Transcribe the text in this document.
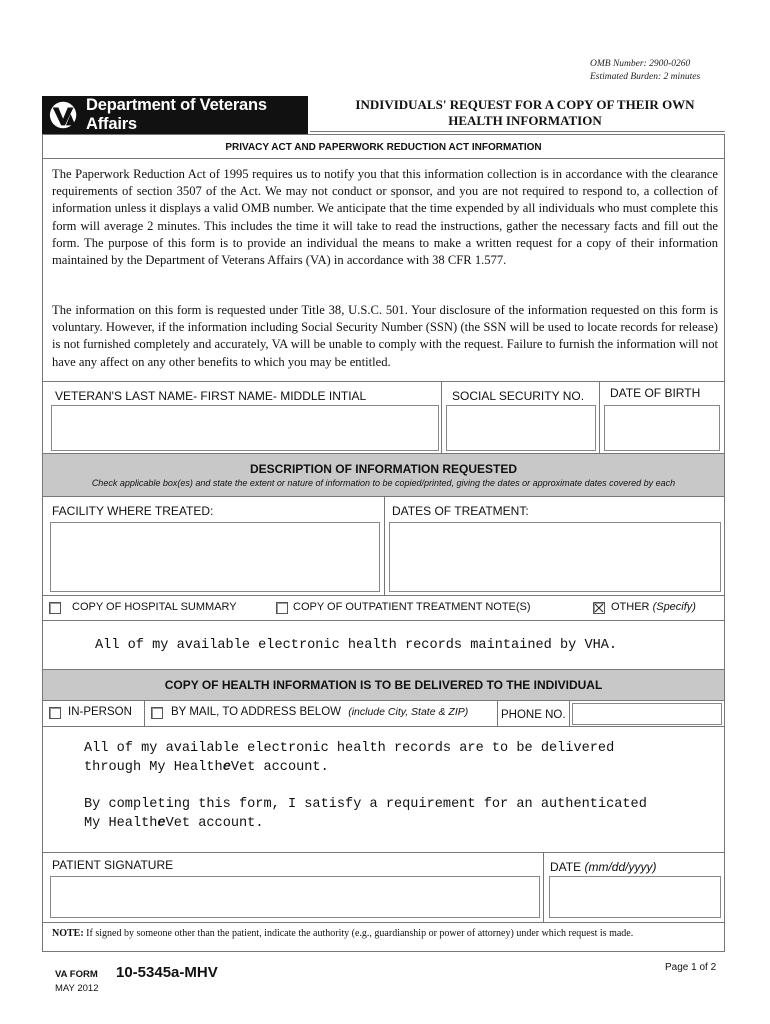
OMB Number: 2900-0260
Estimated Burden: 2 minutes
Department of Veterans Affairs
INDIVIDUALS' REQUEST FOR A COPY OF THEIR OWN
HEALTH INFORMATION
PRIVACY ACT AND PAPERWORK REDUCTION ACT INFORMATION
The Paperwork Reduction Act of 1995 requires us to notify you that this information collection is in accordance with the clearance requirements of section 3507 of the Act. We may not conduct or sponsor, and you are not required to respond to, a collection of information unless it displays a valid OMB number. We anticipate that the time expended by all individuals who must complete this form will average 2 minutes. This includes the time it will take to read the instructions, gather the necessary facts and fill out the form. The purpose of this form is to provide an individual the means to make a written request for a copy of their information maintained by the Department of Veterans Affairs (VA) in accordance with 38 CFR 1.577.
The information on this form is requested under Title 38, U.S.C. 501. Your disclosure of the information requested on this form is voluntary. However, if the information including Social Security Number (SSN) (the SSN will be used to locate records for release) is not furnished completely and accurately, VA will be unable to comply with the request. Failure to furnish the information will not have any affect on any other benefits to which you may be entitled.
VETERAN'S LAST NAME- FIRST NAME- MIDDLE INTIAL	SOCIAL SECURITY NO. DATE OF BIRTH
DESCRIPTION OF INFORMATION REQUESTED
Check applicable box(es) and state the extent or nature of information to be copied/printed, giving the dates or approximate dates covered by each
FACILITY WHERE TREATED:	DATES OF TREATMENT:
COPY OF HOSPITAL SUMMARY	COPY OF OUTPATIENT TREATMENT NOTE(S)	OTHER (Specify)
All of my available electronic health records maintained by VHA.
COPY OF HEALTH INFORMATION IS TO BE DELIVERED TO THE INDIVIDUAL
IN-PERSON	BY MAIL, TO ADDRESS BELOW (include City, State & ZIP)	PHONE NO.
All of my available electronic health records are to be delivered
through My HealtheVet account.
By completing this form, I satisfy a requirement for an authenticated
My HealtheVet account.
PATIENT SIGNATURE	DATE (mm/dd/yyyy)
NOTE: If signed by someone other than the patient, indicate the authority (e.g., guardianship or power of attorney) under which request is made.
VA FORM 10-5345a-MHV
MAY 2012
Page 1 of 2
